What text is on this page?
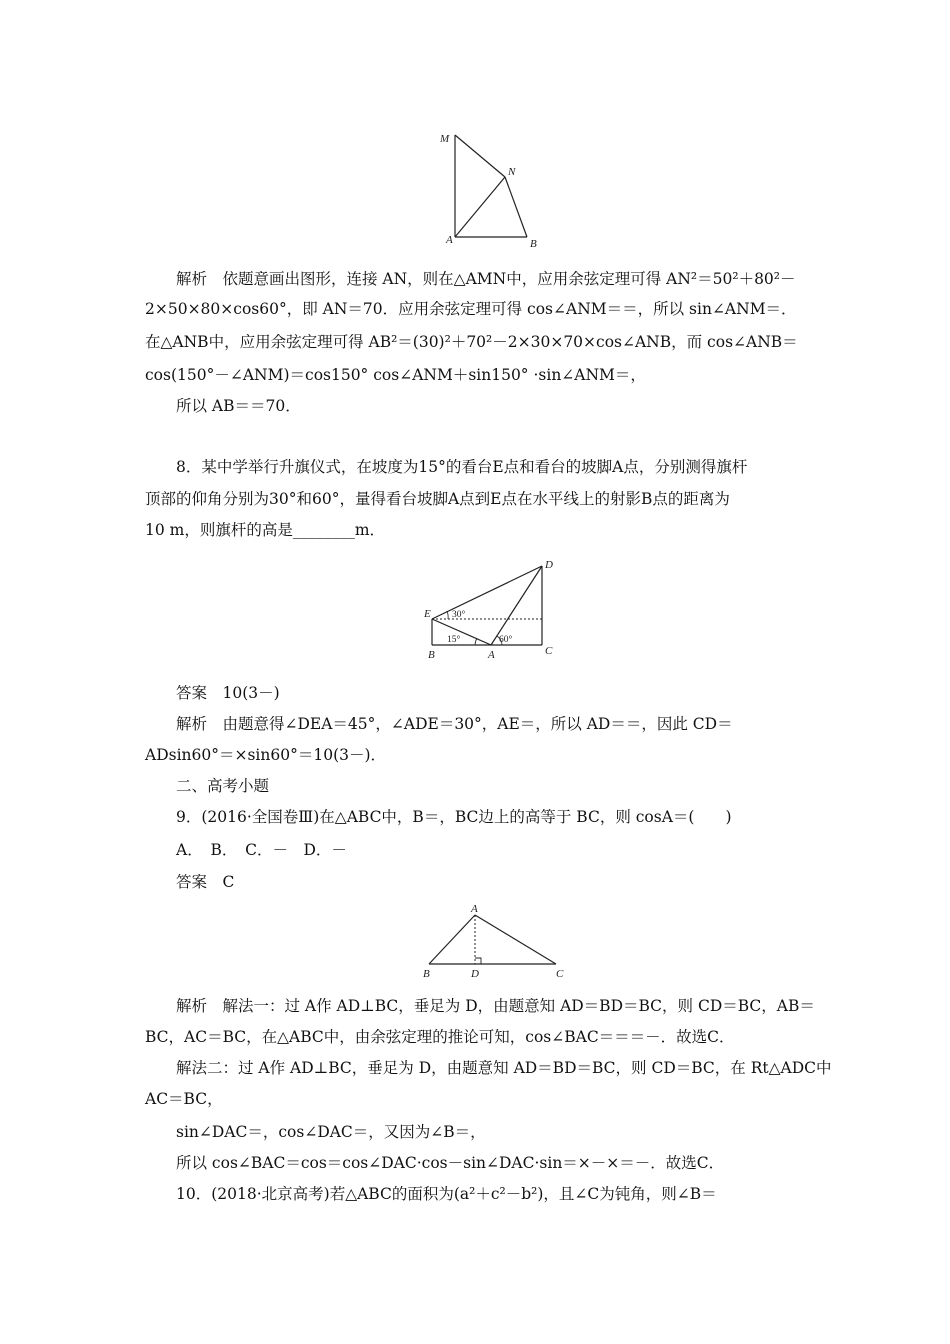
M
N
A	B
解析　依题意画出图形，连接 AN，则在△AMN中，应用余弦定理可得 AN²＝50²＋80²－
2×50×80×cos60°，即 AN＝70．应用余弦定理可得 cos∠ANM＝＝，所以 sin∠ANM＝．
在△ANB中，应用余弦定理可得 AB²＝(30)²＋70²－2×30×70×cos∠ANB，而 cos∠ANB＝
cos(150°－∠ANM)＝cos150° cos∠ANM＋sin150° ·sin∠ANM＝，
所以 AB＝＝70．
8．某中学举行升旗仪式，在坡度为15°的看台E点和看台的坡脚A点，分别测得旗杆
顶部的仰角分别为30°和60°，量得看台坡脚A点到E点在水平线上的射影B点的距离为
10 m，则旗杆的高是________m．
D
E
B	A	C
30°
15°	60°
答案　10(3－)
解析　由题意得∠DEA＝45°，∠ADE＝30°，AE＝，所以 AD＝＝，因此 CD＝
ADsin60°＝×sin60°＝10(3－)．
二、高考小题
9．(2016·全国卷Ⅲ)在△ABC中，B＝，BC边上的高等于 BC，则 cosA＝(　　)
A．　B．　C．－　D．－
答案　C
A
B	D	C
解析　解法一：过 A作 AD⊥BC，垂足为 D，由题意知 AD＝BD＝BC，则 CD＝BC，AB＝
BC，AC＝BC，在△ABC中，由余弦定理的推论可知，cos∠BAC＝＝＝－．故选C．
解法二：过 A作 AD⊥BC，垂足为 D，由题意知 AD＝BD＝BC，则 CD＝BC，在 Rt△ADC中
AC＝BC，
sin∠DAC＝，cos∠DAC＝，又因为∠B＝，
所以 cos∠BAC＝cos＝cos∠DAC·cos－sin∠DAC·sin＝×－×＝－．故选C．
10．(2018·北京高考)若△ABC的面积为(a²＋c²－b²)，且∠C为钝角，则∠B＝
